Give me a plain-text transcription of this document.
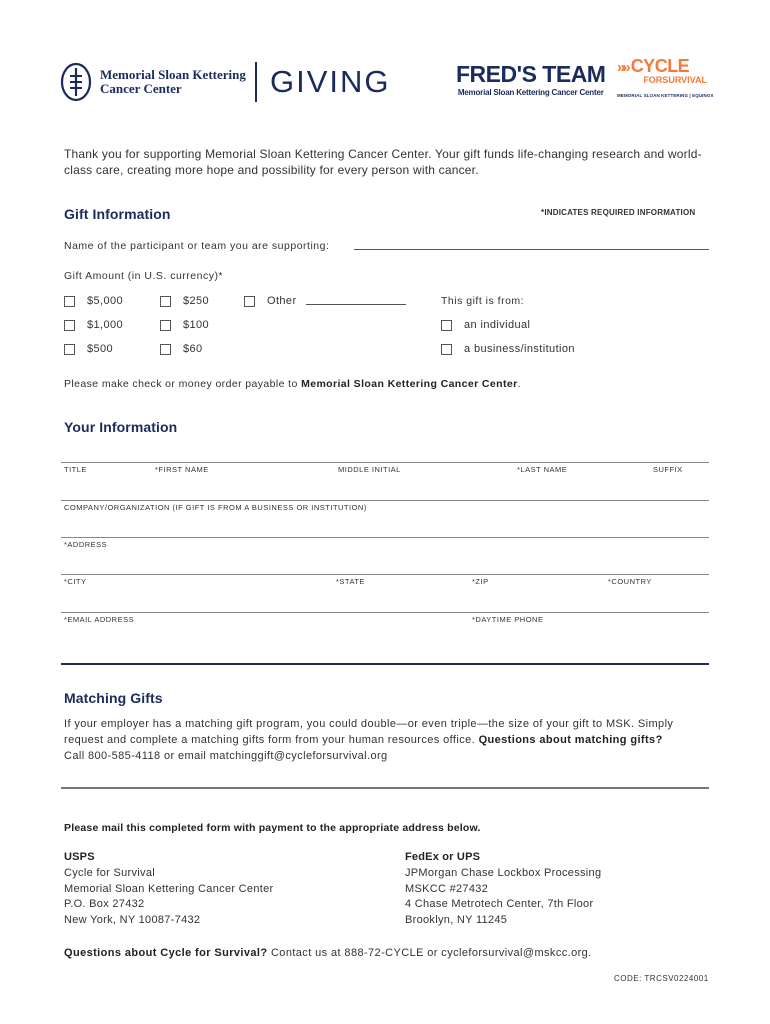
Memorial Sloan Kettering
Cancer Center	GIVING	FRED'S TEAM
Memorial Sloan Kettering Cancer Center
»» CYCLE
FORSURVIVAL
MEMORIAL SLOAN KETTERING | EQUINOX
Thank you for supporting Memorial Sloan Kettering Cancer Center. Your gift funds life-changing research and world-class care, creating more hope and possibility for every person with cancer.
Gift Information	*INDICATES REQUIRED INFORMATION
Name of the participant or team you are supporting:
Gift Amount (in U.S. currency)*
$5,000	$250	Other
$1,000	$100
$500	$60
This gift is from:
an individual
a business/institution
Please make check or money order payable to Memorial Sloan Kettering Cancer Center.
Your Information
TITLE	*FIRST NAME	MIDDLE INITIAL	*LAST NAME	SUFFIX
COMPANY/ORGANIZATION (IF GIFT IS FROM A BUSINESS OR INSTITUTION)
*ADDRESS
*CITY	*STATE	*ZIP	*COUNTRY
*EMAIL ADDRESS	*DAYTIME PHONE
Matching Gifts
If your employer has a matching gift program, you could double—or even triple—the size of your gift to MSK. Simply request and complete a matching gifts form from your human resources office. Questions about matching gifts?
Call 800-585-4118 or email matchinggift@cycleforsurvival.org
Please mail this completed form with payment to the appropriate address below.
USPS
Cycle for Survival
Memorial Sloan Kettering Cancer Center
P.O. Box 27432
New York, NY 10087-7432
FedEx or UPS
JPMorgan Chase Lockbox Processing
MSKCC #27432
4 Chase Metrotech Center, 7th Floor
Brooklyn, NY 11245
Questions about Cycle for Survival? Contact us at 888-72-CYCLE or cycleforsurvival@mskcc.org.
CODE: TRCSV0224001
